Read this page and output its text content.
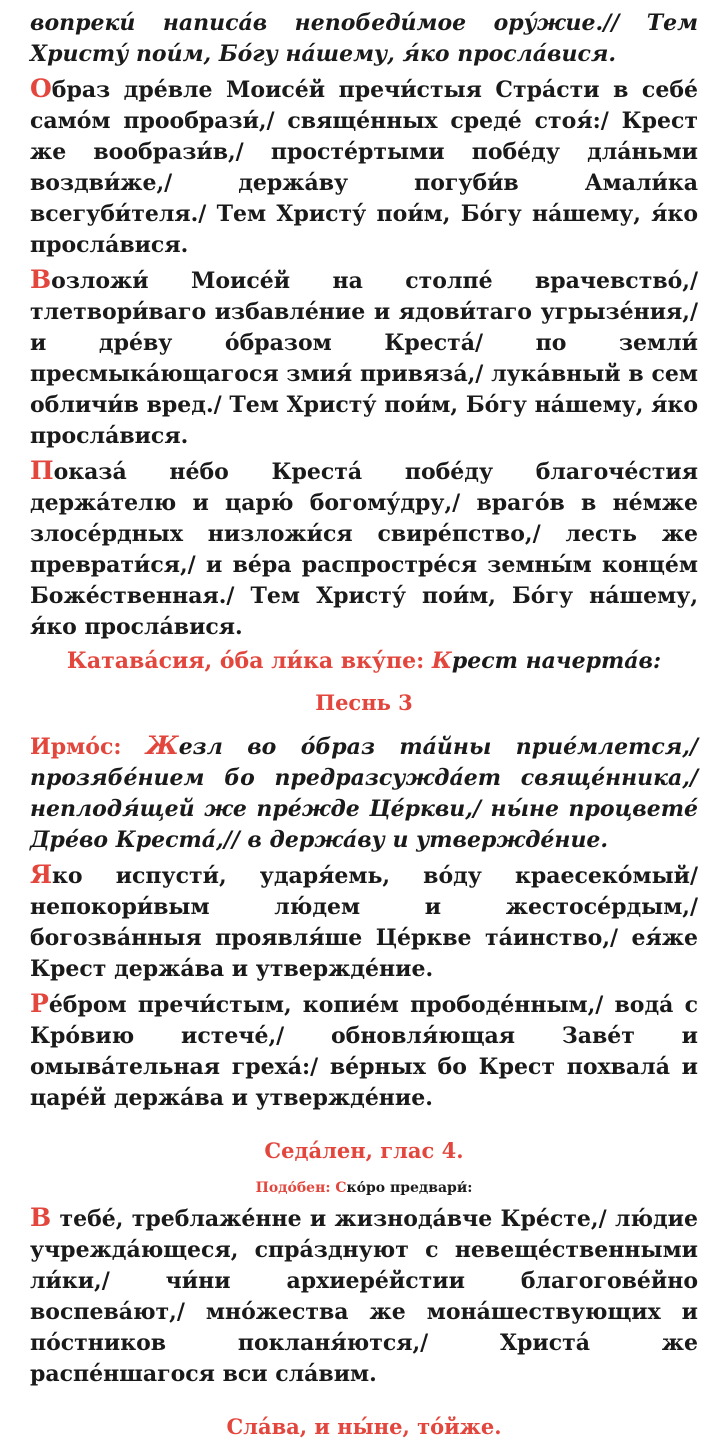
вопреки́ написа́в непобеди́мое ору́жие.// Тем Христу́ пои́м, Бо́гу на́шему, я́ко просла́вися.

Образ дре́вле Моисе́й пречи́стыя Стра́сти в себе́ само́м прообрази́,/ свяще́нных среде́ стоя́:/ Крест же вообрази́в,/ просте́ртыми побе́ду дла́ньми воздви́же,/ держа́ву погуби́в Амали́ка всегуби́теля./ Тем Христу́ пои́м, Бо́гу на́шему, я́ко просла́вися.

Возложи́ Моисе́й на столпе́ врачевство́,/ тлетвори́ваго избавле́ние и ядови́таго угрызе́ния,/ и дре́ву о́бразом Креста́/ по земли́ пресмыка́ющагося змия́ привяза́,/ лука́вный в сем обличи́в вред./ Тем Христу́ пои́м, Бо́гу на́шему, я́ко просла́вися.

Показа́ не́бо Креста́ побе́ду благоче́стия держа́телю и царю́ богому́дру,/ враго́в в не́мже злосе́рдных низложи́ся свире́пство,/ лесть же преврати́ся,/ и ве́ра распростре́ся земны́м конце́м Боже́ственная./ Тем Христу́ пои́м, Бо́гу на́шему, я́ко просла́вися.

Катава́сия, о́ба ли́ка вку́пе: Крест начерта́в:

Песнь 3

Ирмо́с: Жезл во о́браз та́йны прие́млется,/ прозябе́нием бо предразсужда́ет свяще́нника,/ неплодя́щей же пре́жде Це́ркви,/ ны́не процвете́ Дре́во Креста́,// в держа́ву и утвержде́ние.

Яко испусти́, ударя́емь, во́ду краесеко́мый/ непокори́вым лю́дем и жестосе́рдым,/ богозва́нныя проявля́ше Це́ркве та́инство,/ ея́же Крест держа́ва и утвержде́ние.

Ре́бром пречи́стым, копие́м прободе́нным,/ вода́ с Кро́вию истече́,/ обновля́ющая Заве́т и омыва́тельная греха́:/ ве́рных бо Крест похвала́ и царе́й держа́ва и утвержде́ние.

Седа́лен, глас 4.

Подо́бен: Ско́ро предвари́:

В тебе́, треблаже́нне и жизнода́вче Кре́сте,/ лю́дие учрежда́ющеся, спра́зднуют с невеще́ственными ли́ки,/ чи́ни архиере́йстии благогове́йно воспева́ют,/ мно́жества же мона́шествующих и по́стников покланя́ются,/ Христа́ же распе́ншагося вси сла́вим.

Сла́ва, и ны́не, то́йже.
